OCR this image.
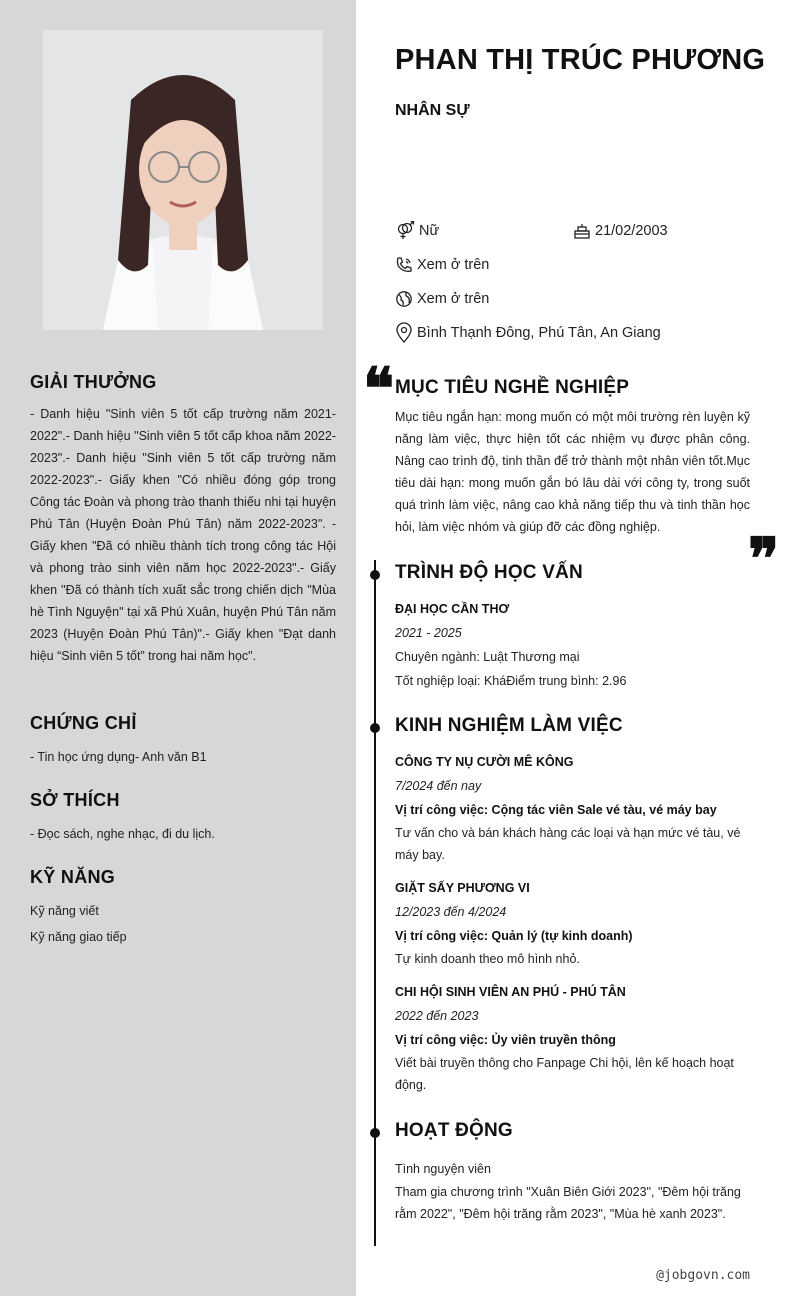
GIẢI THƯỞNG

- Danh hiệu "Sinh viên 5 tốt cấp trường năm 2021-2022".- Danh hiệu "Sinh viên 5 tốt cấp khoa năm 2022-2023".- Danh hiệu "Sinh viên 5 tốt cấp trường năm 2022-2023".- Giấy khen "Có nhiều đóng góp trong Công tác Đoàn và phong trào thanh thiếu nhi tại huyện Phú Tân (Huyện Đoàn Phú Tân) năm 2022-2023". - Giấy khen "Đã có nhiều thành tích trong công tác Hội và phong trào sinh viên năm học 2022-2023".- Giấy khen "Đã có thành tích xuất sắc trong chiến dịch "Mùa hè Tình Nguyện" tại xã Phú Xuân, huyện Phú Tân năm 2023 (Huyện Đoàn Phú Tân)".- Giấy khen "Đạt danh hiệu “Sinh viên 5 tốt” trong hai năm học".

CHỨNG CHỈ

- Tin học ứng dụng- Anh văn B1

SỞ THÍCH

- Đọc sách, nghe nhạc, đi du lịch.

KỸ NĂNG

Kỹ năng viết

Kỹ năng giao tiếp

PHAN THỊ TRÚC PHƯƠNG
NHÂN SỰ
Nữ	21/02/2003
Xem ở trên
Xem ở trên
Bình Thạnh Đông, Phú Tân, An Giang
❝ MỤC TIÊU NGHỀ NGHIỆP
Mục tiêu ngắn hạn: mong muốn có một môi trường rèn luyện kỹ năng làm việc, thực hiện tốt các nhiệm vụ được phân công. Nâng cao trình độ, tinh thần để trở thành một nhân viên tốt.Mục tiêu dài hạn: mong muốn gắn bó lâu dài với công ty, trong suốt quá trình làm việc, nâng cao khả năng tiếp thu và tinh thần học hỏi, làm việc nhóm và giúp đỡ các đồng nghiệp.	❞
TRÌNH ĐỘ HỌC VẤN
ĐẠI HỌC CẦN THƠ
2021 - 2025
Chuyên ngành: Luật Thương mại
Tốt nghiệp loại: KháĐiểm trung bình: 2.96
KINH NGHIỆM LÀM VIỆC
CÔNG TY NỤ CƯỜI MÊ KÔNG
7/2024 đến nay
Vị trí công việc: Cộng tác viên Sale vé tàu, vé máy bay
Tư vấn cho và bán khách hàng các loại và hạn mức vé tàu, vé máy bay.
GIẶT SẤY PHƯƠNG VI
12/2023 đến 4/2024
Vị trí công việc: Quản lý (tự kinh doanh)
Tự kinh doanh theo mô hình nhỏ.
CHI HỘI SINH VIÊN AN PHÚ - PHÚ TÂN
2022 đến 2023
Vị trí công việc: Ủy viên truyền thông
Viết bài truyền thông cho Fanpage Chi hội, lên kế hoạch hoạt động.
HOẠT ĐỘNG
Tình nguyện viên
Tham gia chương trình "Xuân Biên Giới 2023", "Đêm hội trăng rằm 2022", "Đêm hội trăng rằm 2023", "Mùa hè xanh 2023".
@jobgovn.com
